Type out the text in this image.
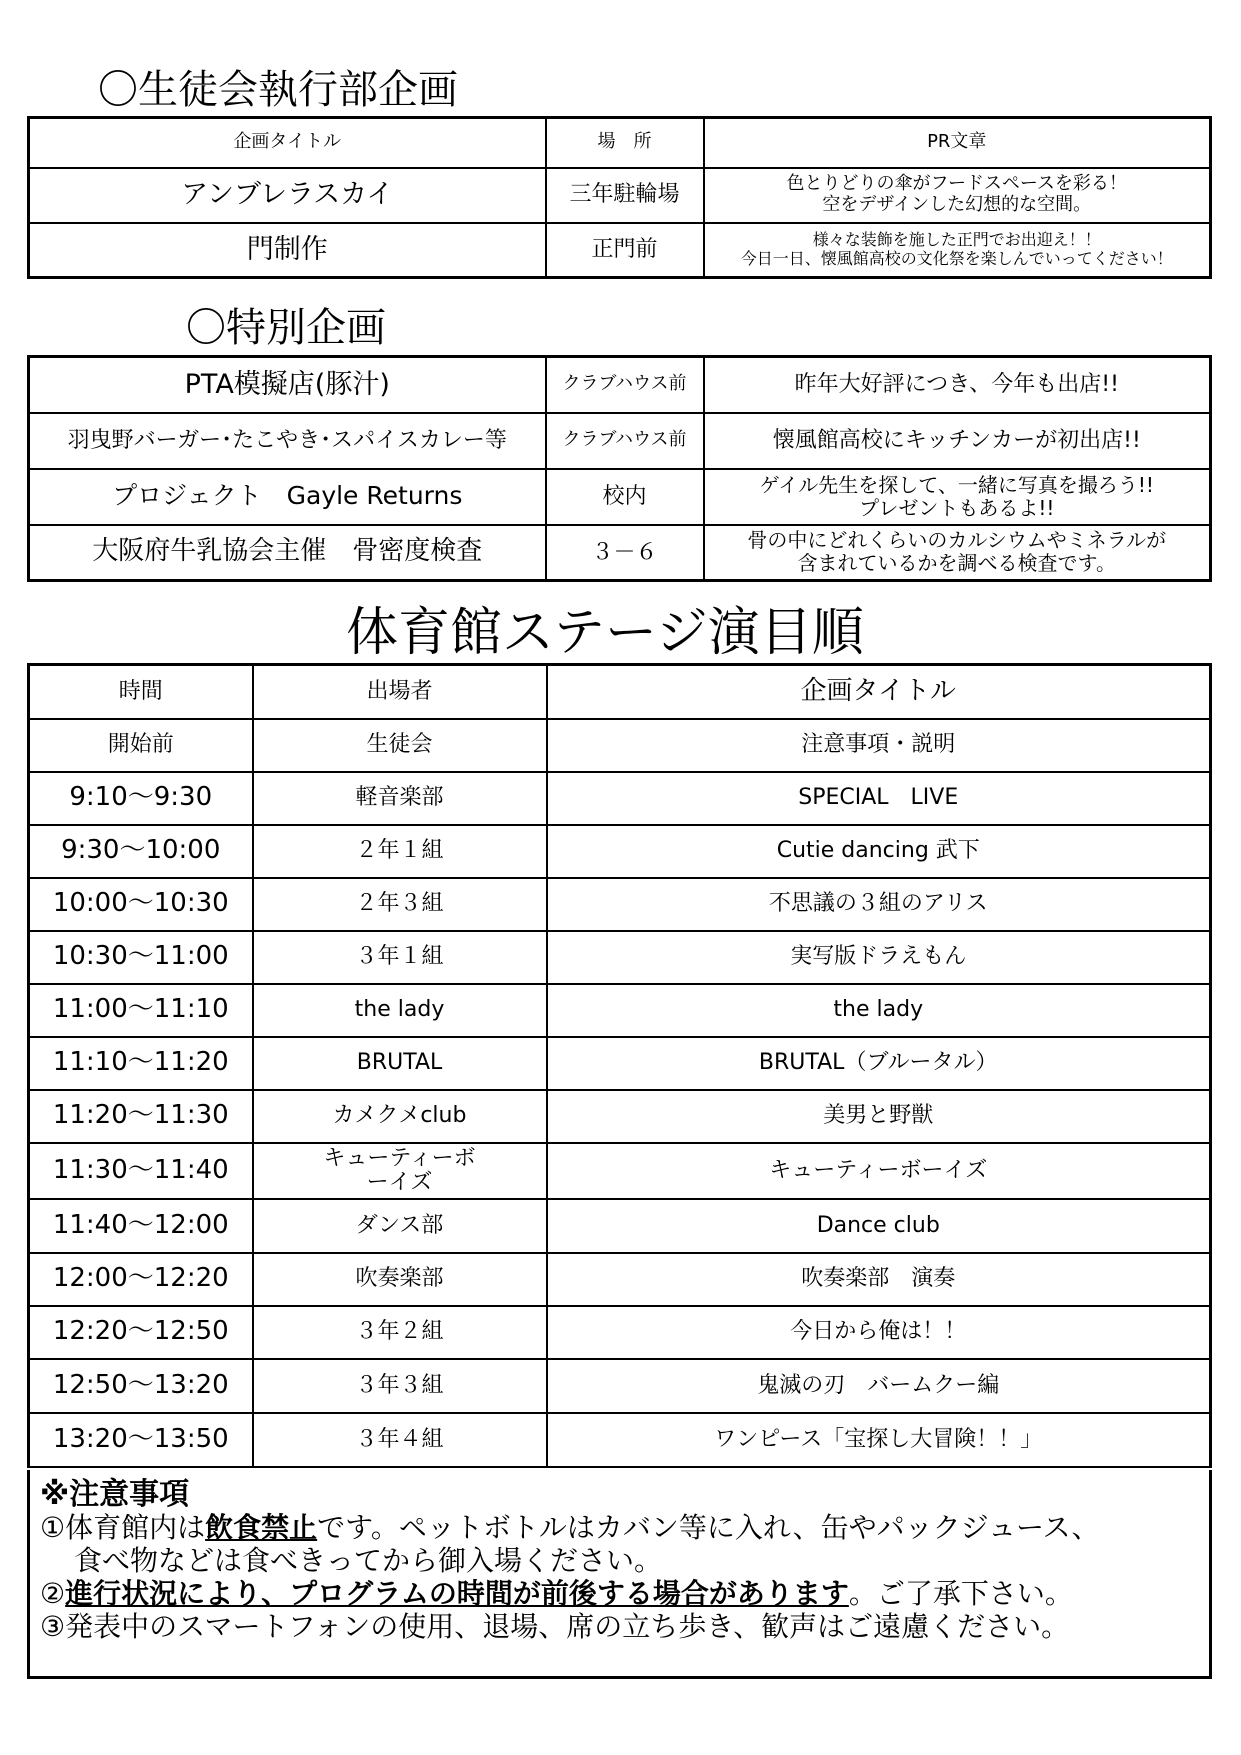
〇生徒会執行部企画
企画タイトル	場　所	PR文章
アンブレラスカイ	三年駐輪場	色とりどりの傘がフードスペースを彩る！
空をデザインした幻想的な空間。

門制作	正門前	様々な装飾を施した正門でお出迎え！！
今日一日、懐風館高校の文化祭を楽しんでいってください！
〇特別企画
PTA模擬店(豚汁)	クラブハウス前	昨年大好評につき、今年も出店!!

羽曳野バーガー･たこやき･スパイスカレー等	クラブハウス前	懐風館高校にキッチンカーが初出店!!

プロジェクト　Gayle Returns	校内	ゲイル先生を探して、一緒に写真を撮ろう!!
プレゼントもあるよ!!

大阪府牛乳協会主催　骨密度検査	３－６	骨の中にどれくらいのカルシウムやミネラルが
含まれているかを調べる検査です。
体育館ステージ演目順
時間	出場者	企画タイトル
開始前	生徒会	注意事項・説明
9:10～9:30	軽音楽部	SPECIAL　LIVE
9:30～10:00	２年１組	Cutie dancing 武下
10:00～10:30	２年３組	不思議の３組のアリス
10:30～11:00	３年１組	実写版ドラえもん
11:00～11:10	the lady	the lady
11:10～11:20	BRUTAL	BRUTAL（ブルータル）
11:20～11:30	カメクメclub	美男と野獣
11:30～11:40	キューティーボーイズ	キューティーボーイズ
11:40～12:00	ダンス部	Dance club
12:00～12:20	吹奏楽部	吹奏楽部　演奏
12:20～12:50	３年２組	今日から俺は！！
12:50～13:20	３年３組	鬼滅の刃　バームクー編
13:20～13:50	３年４組	ワンピース「宝探し大冒険！！」

※注意事項

①体育館内は飲食禁止です。ペットボトルはカバン等に入れ、缶やパックジュース、

食べ物などは食べきってから御入場ください。

②進行状況により、プログラムの時間が前後する場合があります。ご了承下さい。

③発表中のスマートフォンの使用、退場、席の立ち歩き、歓声はご遠慮ください。
